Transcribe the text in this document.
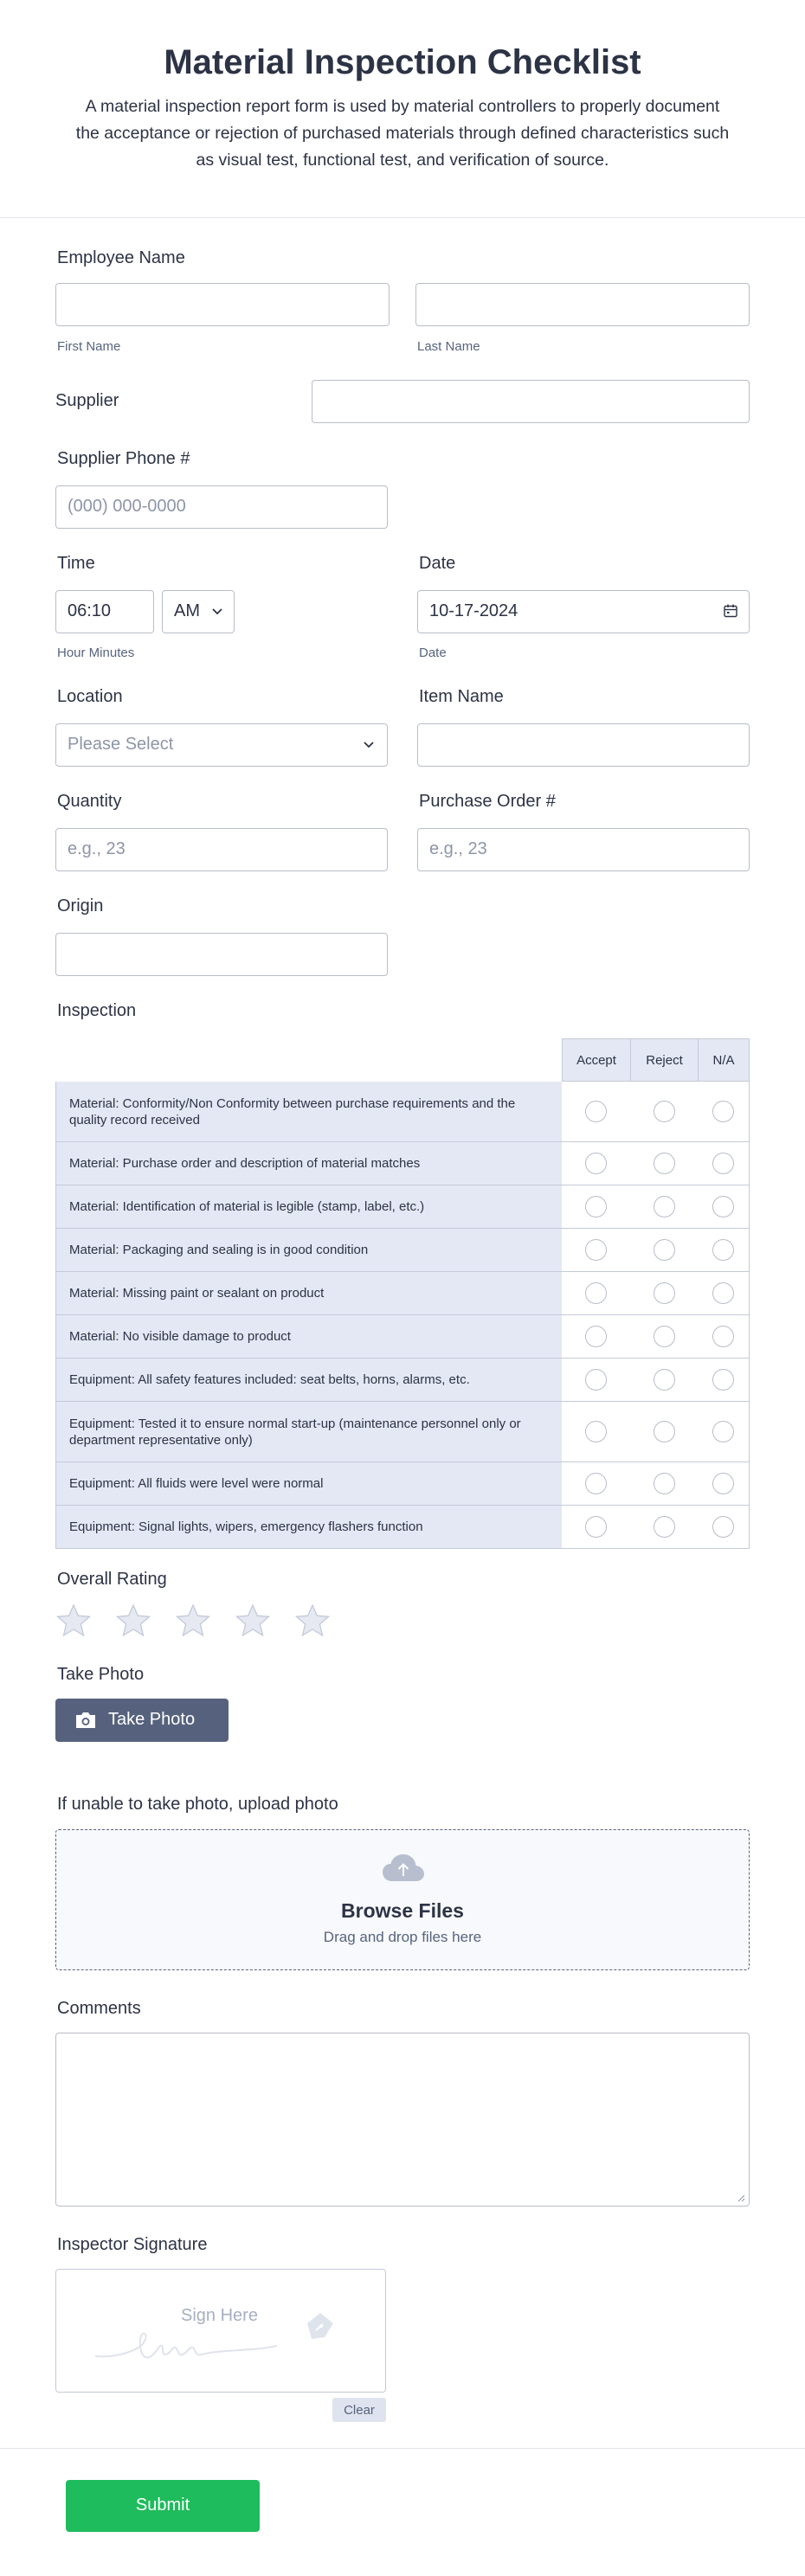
Material Inspection Checklist
A material inspection report form is used by material controllers to properly document the acceptance or rejection of purchased materials through defined characteristics such as visual test, functional test, and verification of source.
Employee Name
First Name	Last Name
Supplier
Supplier Phone #
(000) 000-0000
Time
06:10	AM
Hour Minutes
Date
10-17-2024
Date
Location
Please Select
Item Name
Quantity
e.g., 23
Purchase Order #
e.g., 23
Origin
Inspection
Accept	Reject	N/A
Material: Conformity/Non Conformity between purchase requirements and the quality record received
Material: Purchase order and description of material matches
Material: Identification of material is legible (stamp, label, etc.)
Material: Packaging and sealing is in good condition
Material: Missing paint or sealant on product
Material: No visible damage to product
Equipment: All safety features included: seat belts, horns, alarms, etc.
Equipment: Tested it to ensure normal start-up (maintenance personnel only or department representative only)
Equipment: All fluids were level were normal
Equipment: Signal lights, wipers, emergency flashers function
Overall Rating
Take Photo
Take Photo
If unable to take photo, upload photo
Browse Files
Drag and drop files here
Comments
Inspector Signature
Sign Here
Clear
Submit
